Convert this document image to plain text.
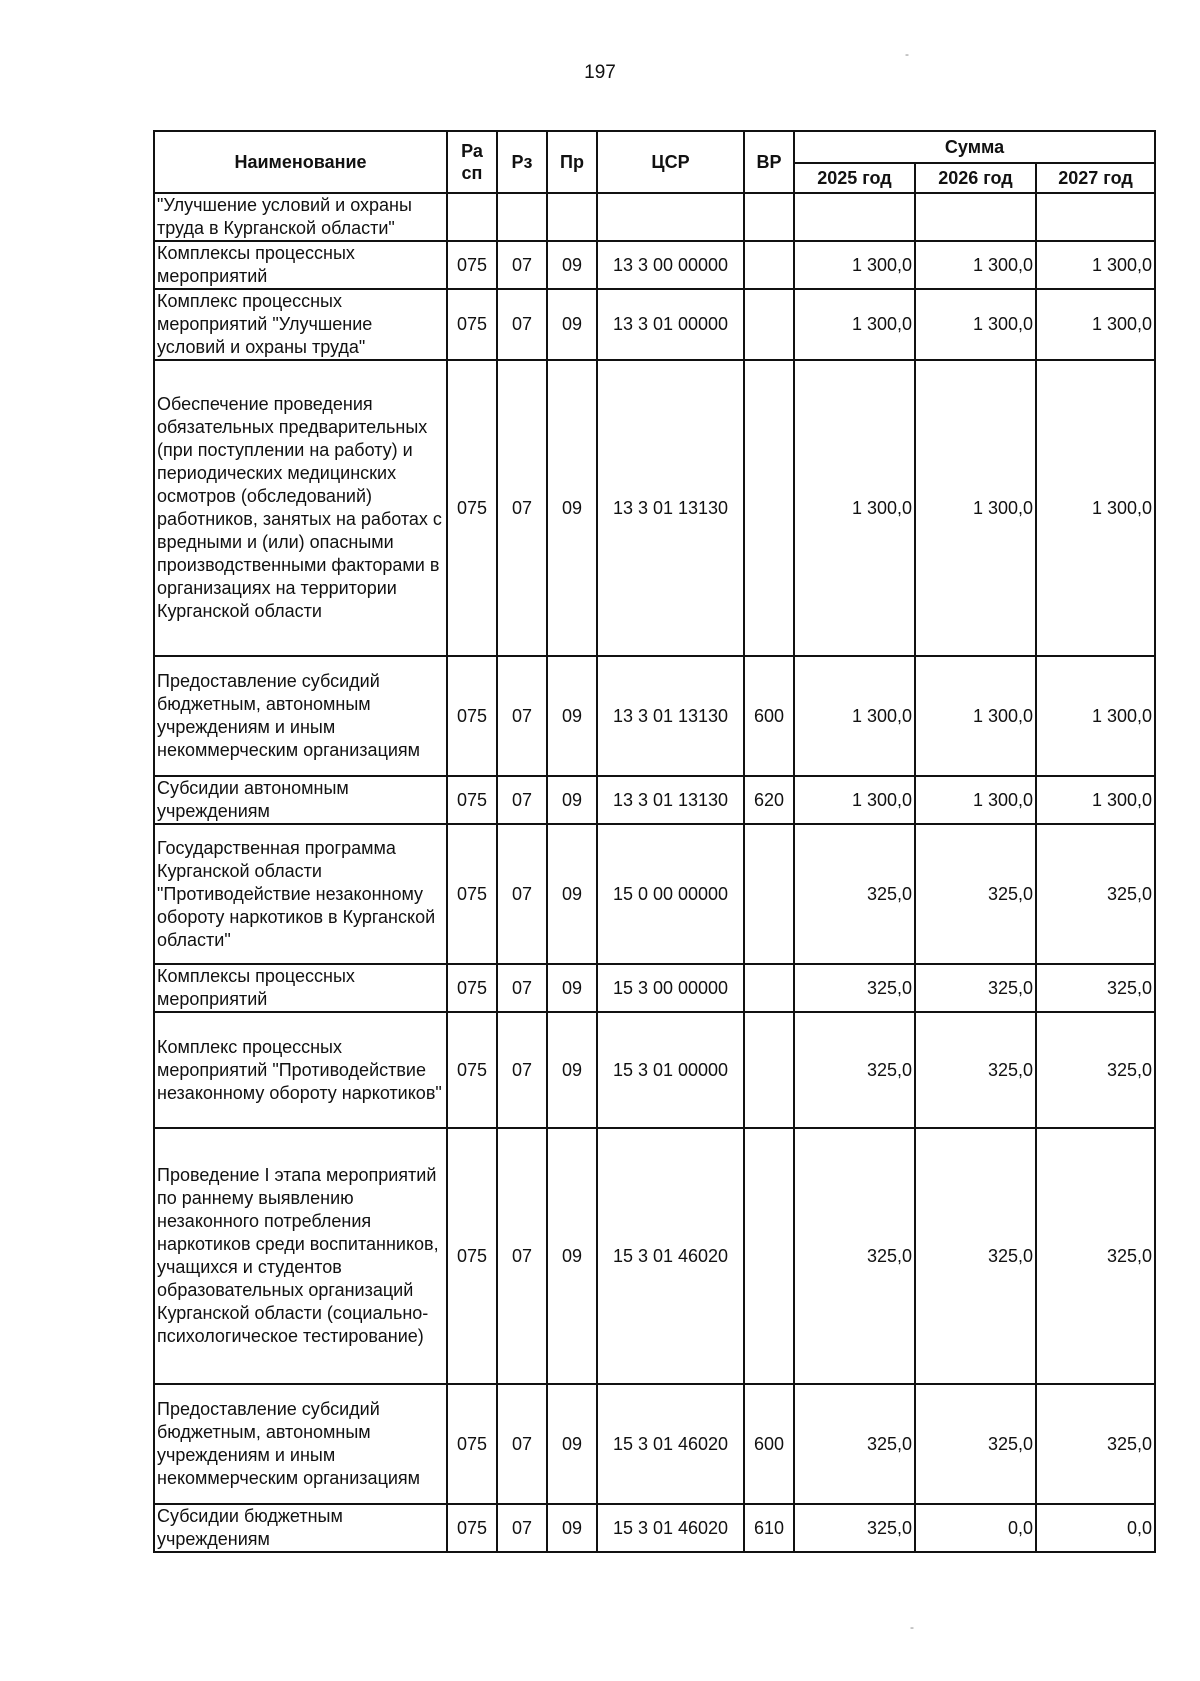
197
Наименование	Ра сп	Рз	Пр	ЦСР	ВР	Сумма		
						2025 год	2026 год	2027 год
"Улучшение условий и охраны труда в Курганской области"								
Комплексы процессных мероприятий	075	07	09	13 3 00 00000		1 300,0	1 300,0	1 300,0
Комплекс процессных мероприятий "Улучшение условий и охраны труда"	075	07	09	13 3 01 00000		1 300,0	1 300,0	1 300,0
Обеспечение проведения обязательных предварительных (при поступлении на работу) и периодических медицинских осмотров (обследований) работников, занятых на работах с вредными и (или) опасными производственными факторами в организациях на территории Курганской области	075	07	09	13 3 01 13130		1 300,0	1 300,0	1 300,0
Предоставление субсидий бюджетным, автономным учреждениям и иным некоммерческим организациям	075	07	09	13 3 01 13130	600	1 300,0	1 300,0	1 300,0
Субсидии автономным учреждениям	075	07	09	13 3 01 13130	620	1 300,0	1 300,0	1 300,0
Государственная программа Курганской области "Противодействие незаконному обороту наркотиков в Курганской области"	075	07	09	15 0 00 00000		325,0	325,0	325,0
Комплексы процессных мероприятий	075	07	09	15 3 00 00000		325,0	325,0	325,0
Комплекс процессных мероприятий "Противодействие незаконному обороту наркотиков"	075	07	09	15 3 01 00000		325,0	325,0	325,0
Проведение I этапа мероприятий по раннему выявлению незаконного потребления наркотиков среди воспитанников, учащихся и студентов образовательных организаций Курганской области (социально-психологическое тестирование)	075	07	09	15 3 01 46020		325,0	325,0	325,0
Предоставление субсидий бюджетным, автономным учреждениям и иным некоммерческим организациям	075	07	09	15 3 01 46020	600	325,0	325,0	325,0
Субсидии бюджетным учреждениям	075	07	09	15 3 01 46020	610	325,0	0,0	0,0
-
-
